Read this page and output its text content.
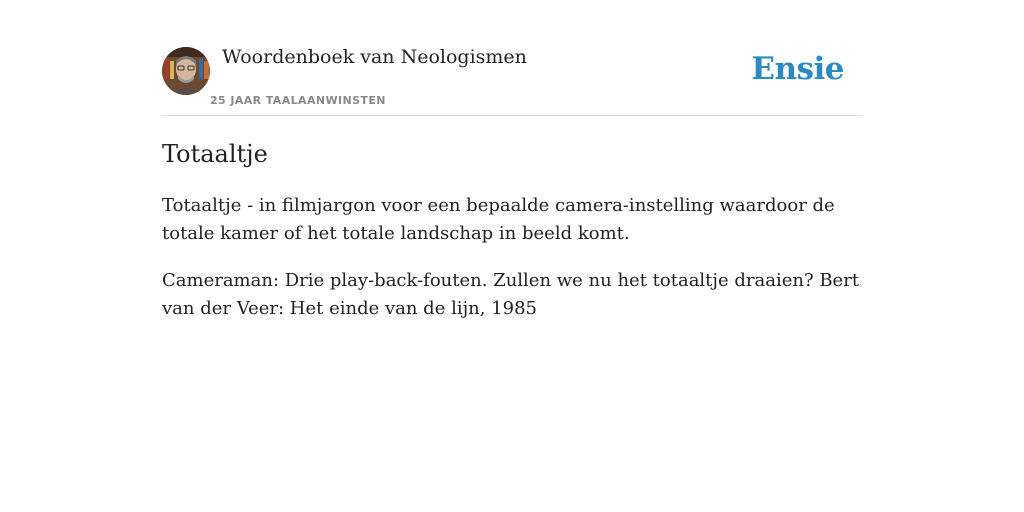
Woordenboek van Neologismen
25 JAAR TAALAANWINSTEN
Ensie
Totaaltje

Totaaltje - in filmjargon voor een bepaalde camera-instelling waardoor de totale kamer of het totale landschap in beeld komt.

Cameraman: Drie play-back-fouten. Zullen we nu het totaaltje draaien? Bert van der Veer: Het einde van de lijn, 1985
